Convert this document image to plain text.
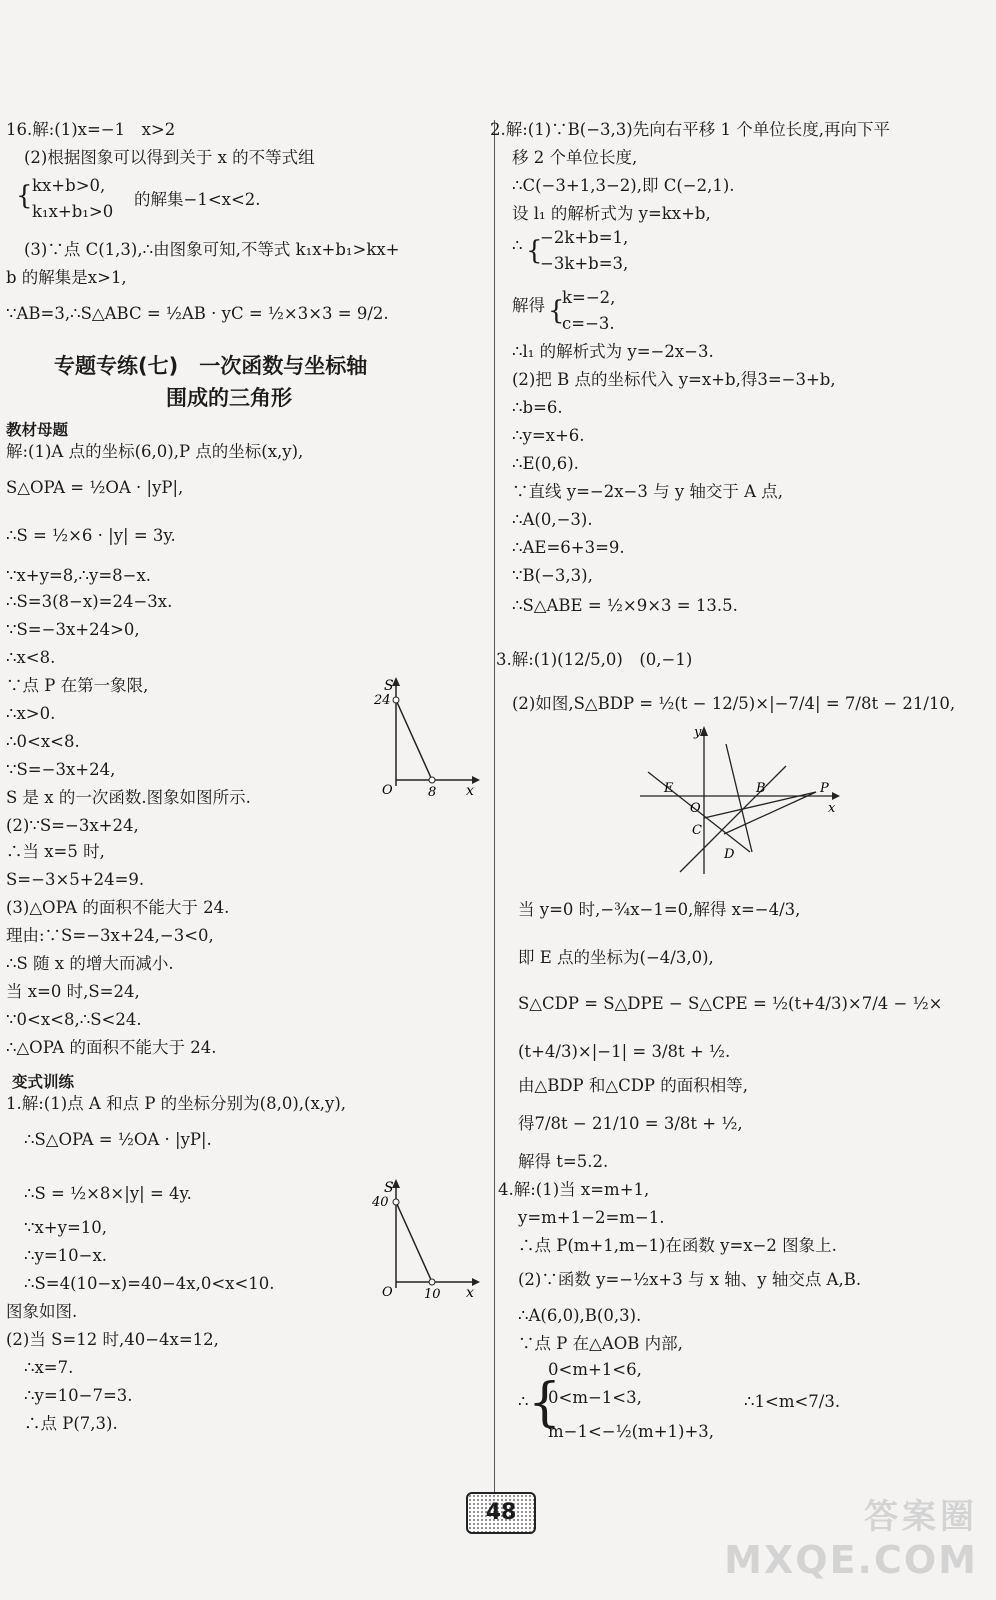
16.解:(1)x=−1　x>2
(2)根据图象可以得到关于 x 的不等式组
{ kx+b>0,
k₁x+b₁>0
的解集−1<x<2.
(3)∵点 C(1,3),∴由图象可知,不等式 k₁x+b₁>kx+
b 的解集是x>1,
∵AB=3,∴S△ABC = ½AB · yC = ½×3×3 = 9/2.
专题专练(七)　一次函数与坐标轴
围成的三角形
教材母题
解:(1)A 点的坐标(6,0),P 点的坐标(x,y),
S△OPA = ½OA · |yP|,
∴S = ½×6 · |y| = 3y.
∵x+y=8,∴y=8−x.
∴S=3(8−x)=24−3x.
∵S=−3x+24>0,
∴x<8.
∵点 P 在第一象限,
∴x>0.
∴0<x<8.
∵S=−3x+24,
S 是 x 的一次函数.图象如图所示.
(2)∵S=−3x+24,
∴当 x=5 时,
S=−3×5+24=9.
(3)△OPA 的面积不能大于 24.
理由:∵S=−3x+24,−3<0,
∴S 随 x 的增大而减小.
当 x=0 时,S=24,
∵0<x<8,∴S<24.
∴△OPA 的面积不能大于 24.
变式训练
1.解:(1)点 A 和点 P 的坐标分别为(8,0),(x,y),
∴S△OPA = ½OA · |yP|.
∴S = ½×8×|y| = 4y.
∵x+y=10,
∴y=10−x.
∴S=4(10−x)=40−4x,0<x<10.
图象如图.
(2)当 S=12 时,40−4x=12,
∴x=7.
∴y=10−7=3.
∴点 P(7,3).
S
24
O	8 x
S
40
O 10 x
2.解:(1)∵B(−3,3)先向右平移 1 个单位长度,再向下平
移 2 个单位长度,
∴C(−3+1,3−2),即 C(−2,1).
设 l₁ 的解析式为 y=kx+b,
∴ {
−2k+b=1,
−3k+b=3,
解得 {
k=−2,
c=−3.
∴l₁ 的解析式为 y=−2x−3.
(2)把 B 点的坐标代入 y=x+b,得3=−3+b,
∴b=6.
∴y=x+6.
∴E(0,6).
∵直线 y=−2x−3 与 y 轴交于 A 点,
∴A(0,−3).
∴AE=6+3=9.
∵B(−3,3),
∴S△ABE = ½×9×3 = 13.5.
3.解:(1)(12/5,0)　(0,−1)
(2)如图,S△BDP = ½(t − 12/5)×|−7/4| = 7/8t − 21/10,
y
x
E
O
B	P
C
D
当 y=0 时,−¾x−1=0,解得 x=−4/3,
即 E 点的坐标为(−4/3,0),
S△CDP = S△DPE − S△CPE = ½(t+4/3)×7/4 − ½×
(t+4/3)×|−1| = 3/8t + ½.
由△BDP 和△CDP 的面积相等,
得7/8t − 21/10 = 3/8t + ½,
解得 t=5.2.
4.解:(1)当 x=m+1,
y=m+1−2=m−1.
∴点 P(m+1,m−1)在函数 y=x−2 图象上.
(2)∵函数 y=−½x+3 与 x 轴、y 轴交点 A,B.
∴A(6,0),B(0,3).
∵点 P 在△AOB 内部,
∴ {
0<m+1<6,
0<m−1<3,
m−1<−½(m+1)+3,
∴1<m<7/3.
48	答案圈
MXQE.COM
